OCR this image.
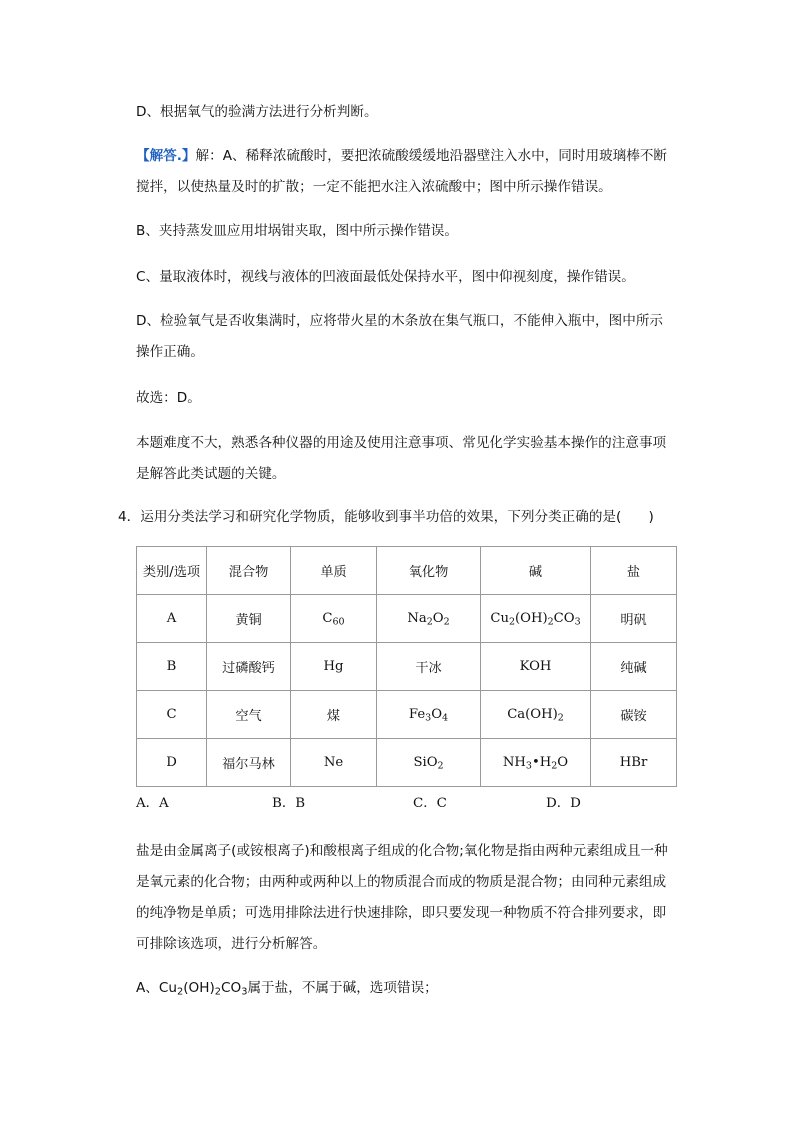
D、根据氧气的验满方法进行分析判断。

【解答.】解：A、稀释浓硫酸时，要把浓硫酸缓缓地沿器壁注入水中，同时用玻璃棒不断搅拌，以使热量及时的扩散；一定不能把水注入浓硫酸中；图中所示操作错误。

B、夹持蒸发皿应用坩埚钳夹取，图中所示操作错误。

C、量取液体时，视线与液体的凹液面最低处保持水平，图中仰视刻度，操作错误。

D、检验氧气是否收集满时，应将带火星的木条放在集气瓶口，不能伸入瓶中，图中所示操作正确。

故选：D。

本题难度不大，熟悉各种仪器的用途及使用注意事项、常见化学实验基本操作的注意事项是解答此类试题的关键。

4．运用分类法学习和研究化学物质，能够收到事半功倍的效果，下列分类正确的是(　　)

类别/选项	混合物	单质	氧化物	碱	盐
A	黄铜	$C_{60}$	$Na_2O_2$	$Cu_2(OH)_2CO_3$	明矾
B	过磷酸钙	Hg	干冰	KOH	纯碱
C	空气	煤	$Fe_3O_4$	$Ca(OH)_2$	碳铵
D	福尔马林	Ne	SiO$_2$	$NH_3•H_2O$	HBr
A．A	B．B	C．C	D．D

盐是由金属离子(或铵根离子)和酸根离子组成的化合物;氧化物是指由两种元素组成且一种是氧元素的化合物；由两种或两种以上的物质混合而成的物质是混合物；由同种元素组成的纯净物是单质；可选用排除法进行快速排除，即只要发现一种物质不符合排列要求，即可排除该选项，进行分析解答。

A、$Cu_2(OH)_2CO_3$属于盐，不属于碱，选项错误；
